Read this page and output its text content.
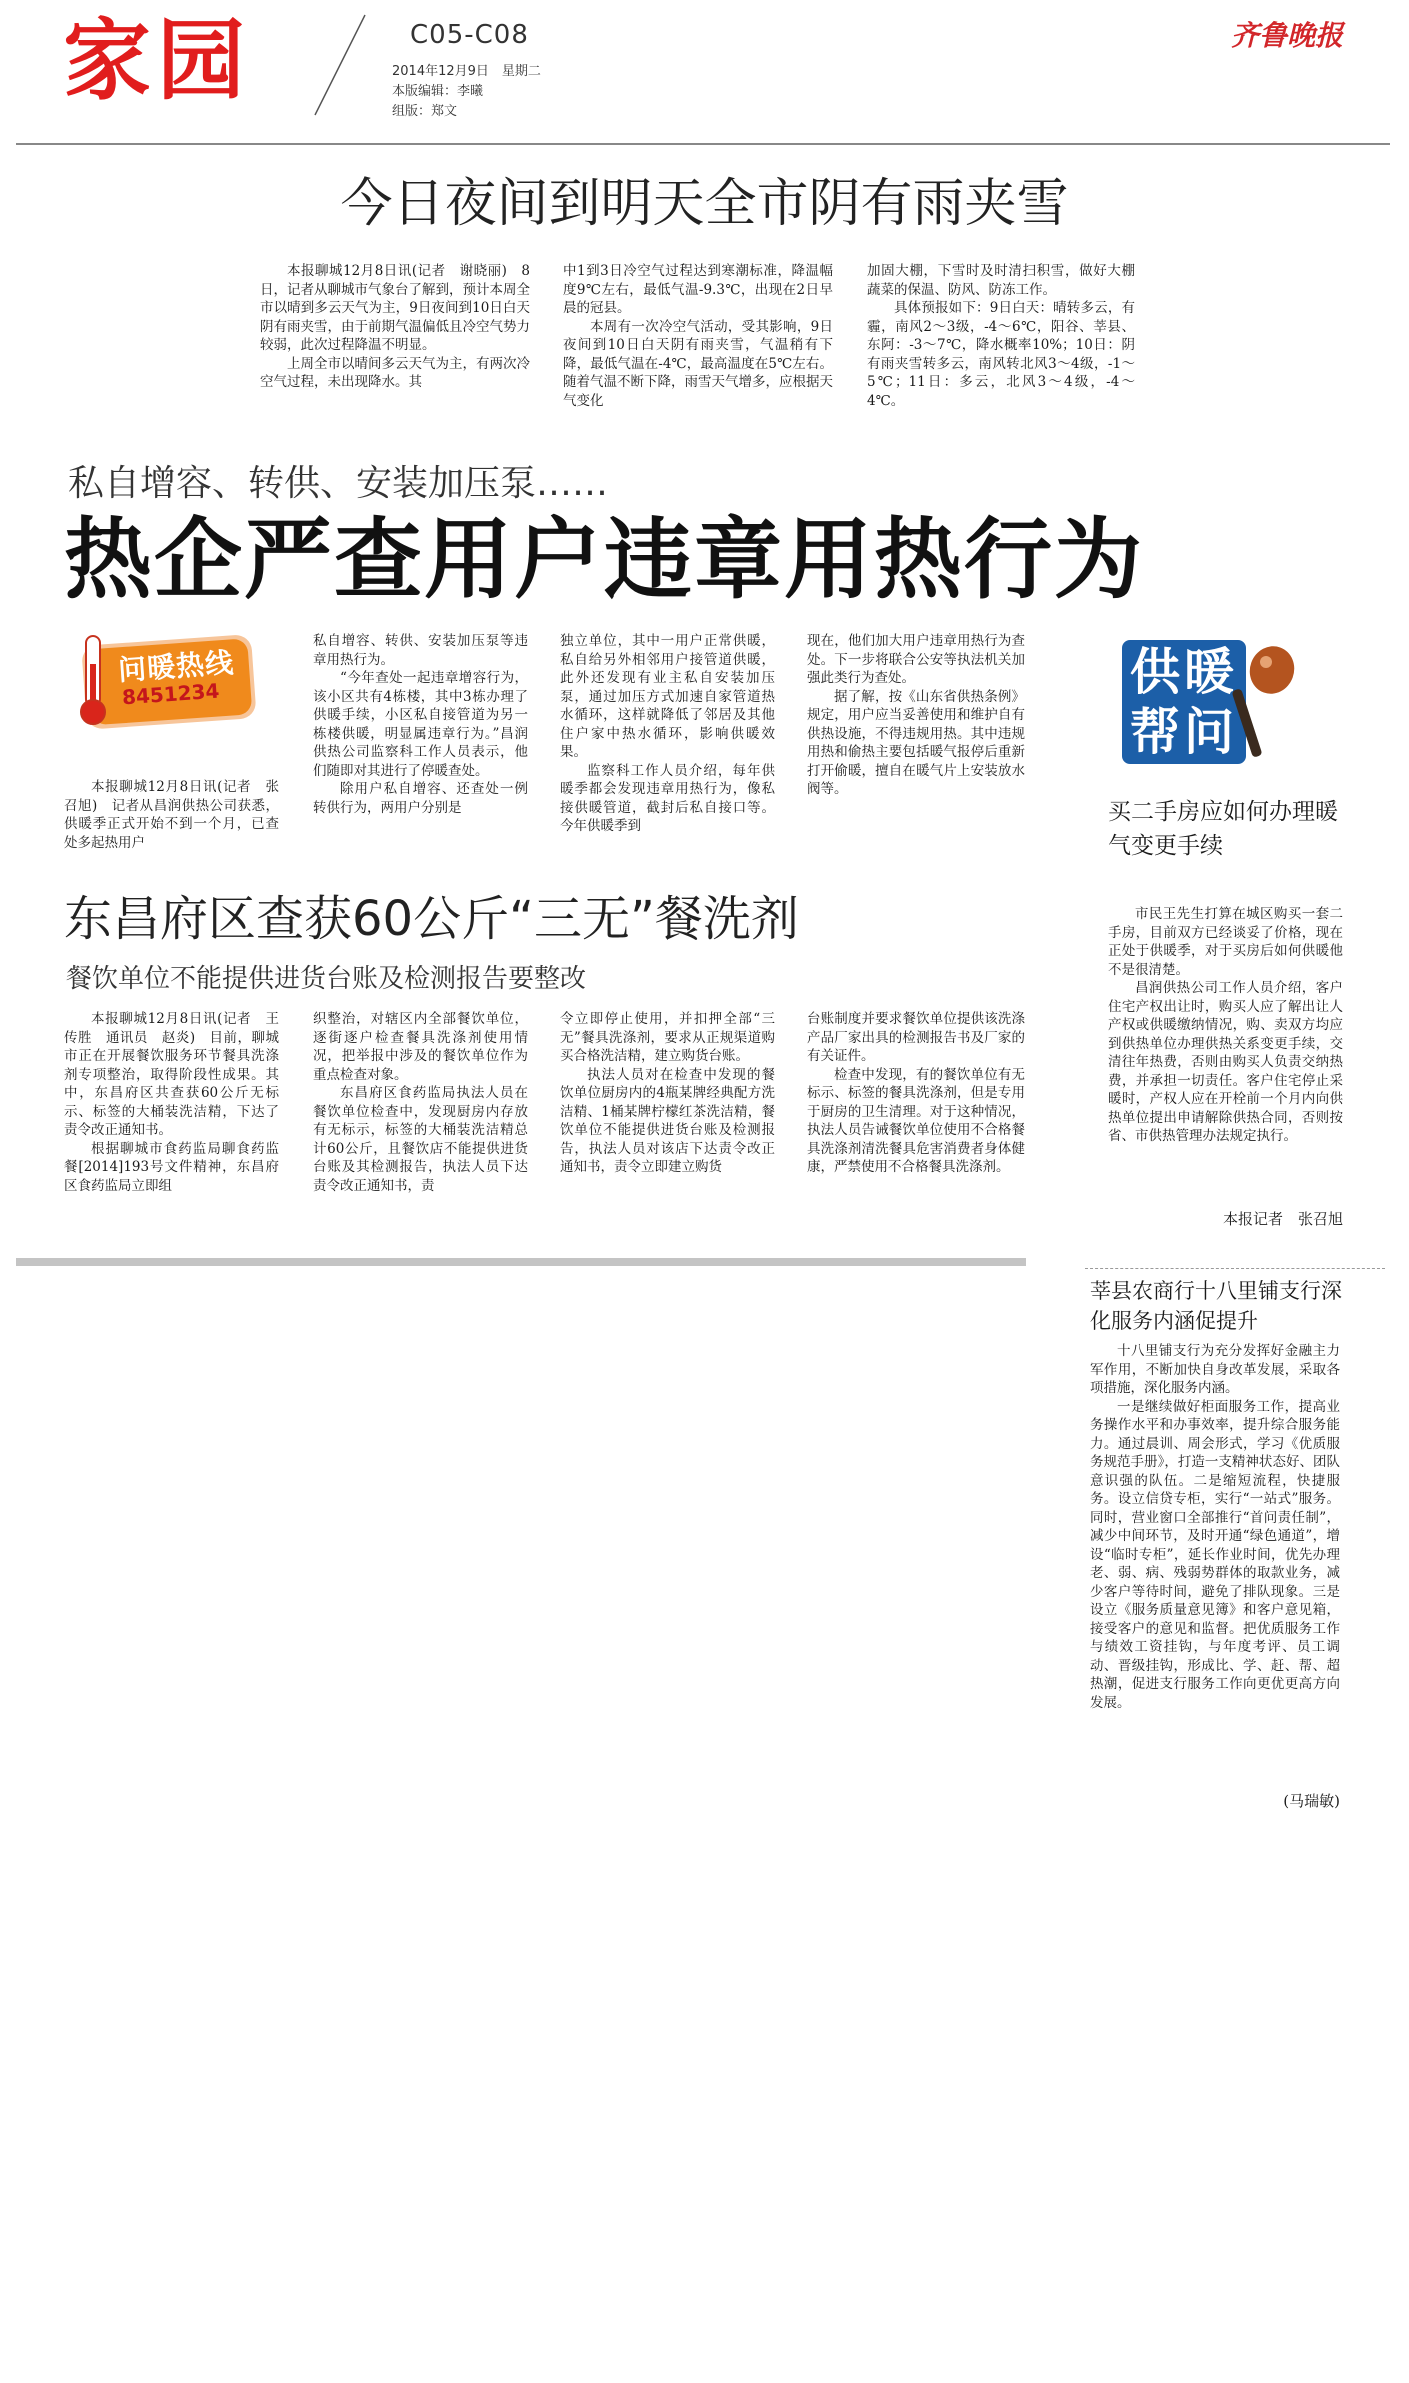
家园	C05-C08
2014年12月9日　星期二
本版编辑：李曦
组版：郑文
齐鲁晚报
今日夜间到明天全市阴有雨夹雪

本报聊城12月8日讯(记者　谢晓丽)　8日，记者从聊城市气象台了解到，预计本周全市以晴到多云天气为主，9日夜间到10日白天阴有雨夹雪，由于前期气温偏低且冷空气势力较弱，此次过程降温不明显。

上周全市以晴间多云天气为主，有两次冷空气过程，未出现降水。其

中1到3日冷空气过程达到寒潮标准，降温幅度9℃左右，最低气温-9.3℃，出现在2日早晨的冠县。

本周有一次冷空气活动，受其影响，9日夜间到10日白天阴有雨夹雪，气温稍有下降，最低气温在-4℃，最高温度在5℃左右。随着气温不断下降，雨雪天气增多，应根据天气变化

加固大棚，下雪时及时清扫积雪，做好大棚蔬菜的保温、防风、防冻工作。

具体预报如下：9日白天：晴转多云，有霾，南风2～3级，-4～6℃，阳谷、莘县、东阿：-3～7℃，降水概率10%；10日：阴有雨夹雪转多云，南风转北风3～4级，-1～5℃；11日：多云，北风3～4级，-4～4℃。

私自增容、转供、安装加压泵……
热企严查用户违章用热行为
问暖热线
8451234

本报聊城12月8日讯(记者　张召旭)　记者从昌润供热公司获悉，供暖季正式开始不到一个月，已查处多起热用户

私自增容、转供、安装加压泵等违章用热行为。

“今年查处一起违章增容行为，该小区共有4栋楼，其中3栋办理了供暖手续，小区私自接管道为另一栋楼供暖，明显属违章行为。”昌润供热公司监察科工作人员表示，他们随即对其进行了停暖查处。

除用户私自增容、还查处一例转供行为，两用户分别是

独立单位，其中一用户正常供暖，私自给另外相邻用户接管道供暖，此外还发现有业主私自安装加压泵，通过加压方式加速自家管道热水循环，这样就降低了邻居及其他住户家中热水循环，影响供暖效果。

监察科工作人员介绍，每年供暖季都会发现违章用热行为，像私接供暖管道，截封后私自接口等。今年供暖季到

现在，他们加大用户违章用热行为查处。下一步将联合公安等执法机关加强此类行为查处。

据了解，按《山东省供热条例》规定，用户应当妥善使用和维护自有供热设施，不得违规用热。其中违规用热和偷热主要包括暖气报停后重新打开偷暖，擅自在暖气片上安装放水阀等。

供暖
帮问
买二手房应如何办理暖气变更手续

市民王先生打算在城区购买一套二手房，目前双方已经谈妥了价格，现在正处于供暖季，对于买房后如何供暖他不是很清楚。

昌润供热公司工作人员介绍，客户住宅产权出让时，购买人应了解出让人产权或供暖缴纳情况，购、卖双方均应到供热单位办理供热关系变更手续，交清往年热费，否则由购买人负责交纳热费，并承担一切责任。客户住宅停止采暖时，产权人应在开栓前一个月内向供热单位提出申请解除供热合同，否则按省、市供热管理办法规定执行。

本报记者　张召旭
东昌府区查获60公斤“三无”餐洗剂
餐饮单位不能提供进货台账及检测报告要整改

本报聊城12月8日讯(记者　王传胜　通讯员　赵炎)　目前，聊城市正在开展餐饮服务环节餐具洗涤剂专项整治，取得阶段性成果。其中，东昌府区共查获60公斤无标示、标签的大桶装洗洁精，下达了责令改正通知书。

根据聊城市食药监局聊食药监餐[2014]193号文件精神，东昌府区食药监局立即组

织整治，对辖区内全部餐饮单位，逐街逐户检查餐具洗涤剂使用情况，把举报中涉及的餐饮单位作为重点检查对象。

东昌府区食药监局执法人员在餐饮单位检查中，发现厨房内存放有无标示，标签的大桶装洗洁精总计60公斤，且餐饮店不能提供进货台账及其检测报告，执法人员下达责令改正通知书，责

令立即停止使用，并扣押全部“三无”餐具洗涤剂，要求从正规渠道购买合格洗洁精，建立购货台账。

执法人员对在检查中发现的餐饮单位厨房内的4瓶某牌经典配方洗洁精、1桶某牌柠檬红茶洗洁精，餐饮单位不能提供进货台账及检测报告，执法人员对该店下达责令改正通知书，责令立即建立购货

台账制度并要求餐饮单位提供该洗涤产品厂家出具的检测报告书及厂家的有关证件。

检查中发现，有的餐饮单位有无标示、标签的餐具洗涤剂，但是专用于厨房的卫生清理。对于这种情况，执法人员告诫餐饮单位使用不合格餐具洗涤剂清洗餐具危害消费者身体健康，严禁使用不合格餐具洗涤剂。

莘县农商行十八里铺支行深化服务内涵促提升

十八里铺支行为充分发挥好金融主力军作用，不断加快自身改革发展，采取各项措施，深化服务内涵。

一是继续做好柜面服务工作，提高业务操作水平和办事效率，提升综合服务能力。通过晨训、周会形式，学习《优质服务规范手册》，打造一支精神状态好、团队意识强的队伍。二是缩短流程，快捷服务。设立信贷专柜，实行“一站式”服务。同时，营业窗口全部推行“首问责任制”，减少中间环节，及时开通“绿色通道”，增设“临时专柜”，延长作业时间，优先办理老、弱、病、残弱势群体的取款业务，减少客户等待时间，避免了排队现象。三是设立《服务质量意见簿》和客户意见箱，接受客户的意见和监督。把优质服务工作与绩效工资挂钩，与年度考评、员工调动、晋级挂钩，形成比、学、赶、帮、超热潮，促进支行服务工作向更优更高方向发展。

(马瑞敏)
